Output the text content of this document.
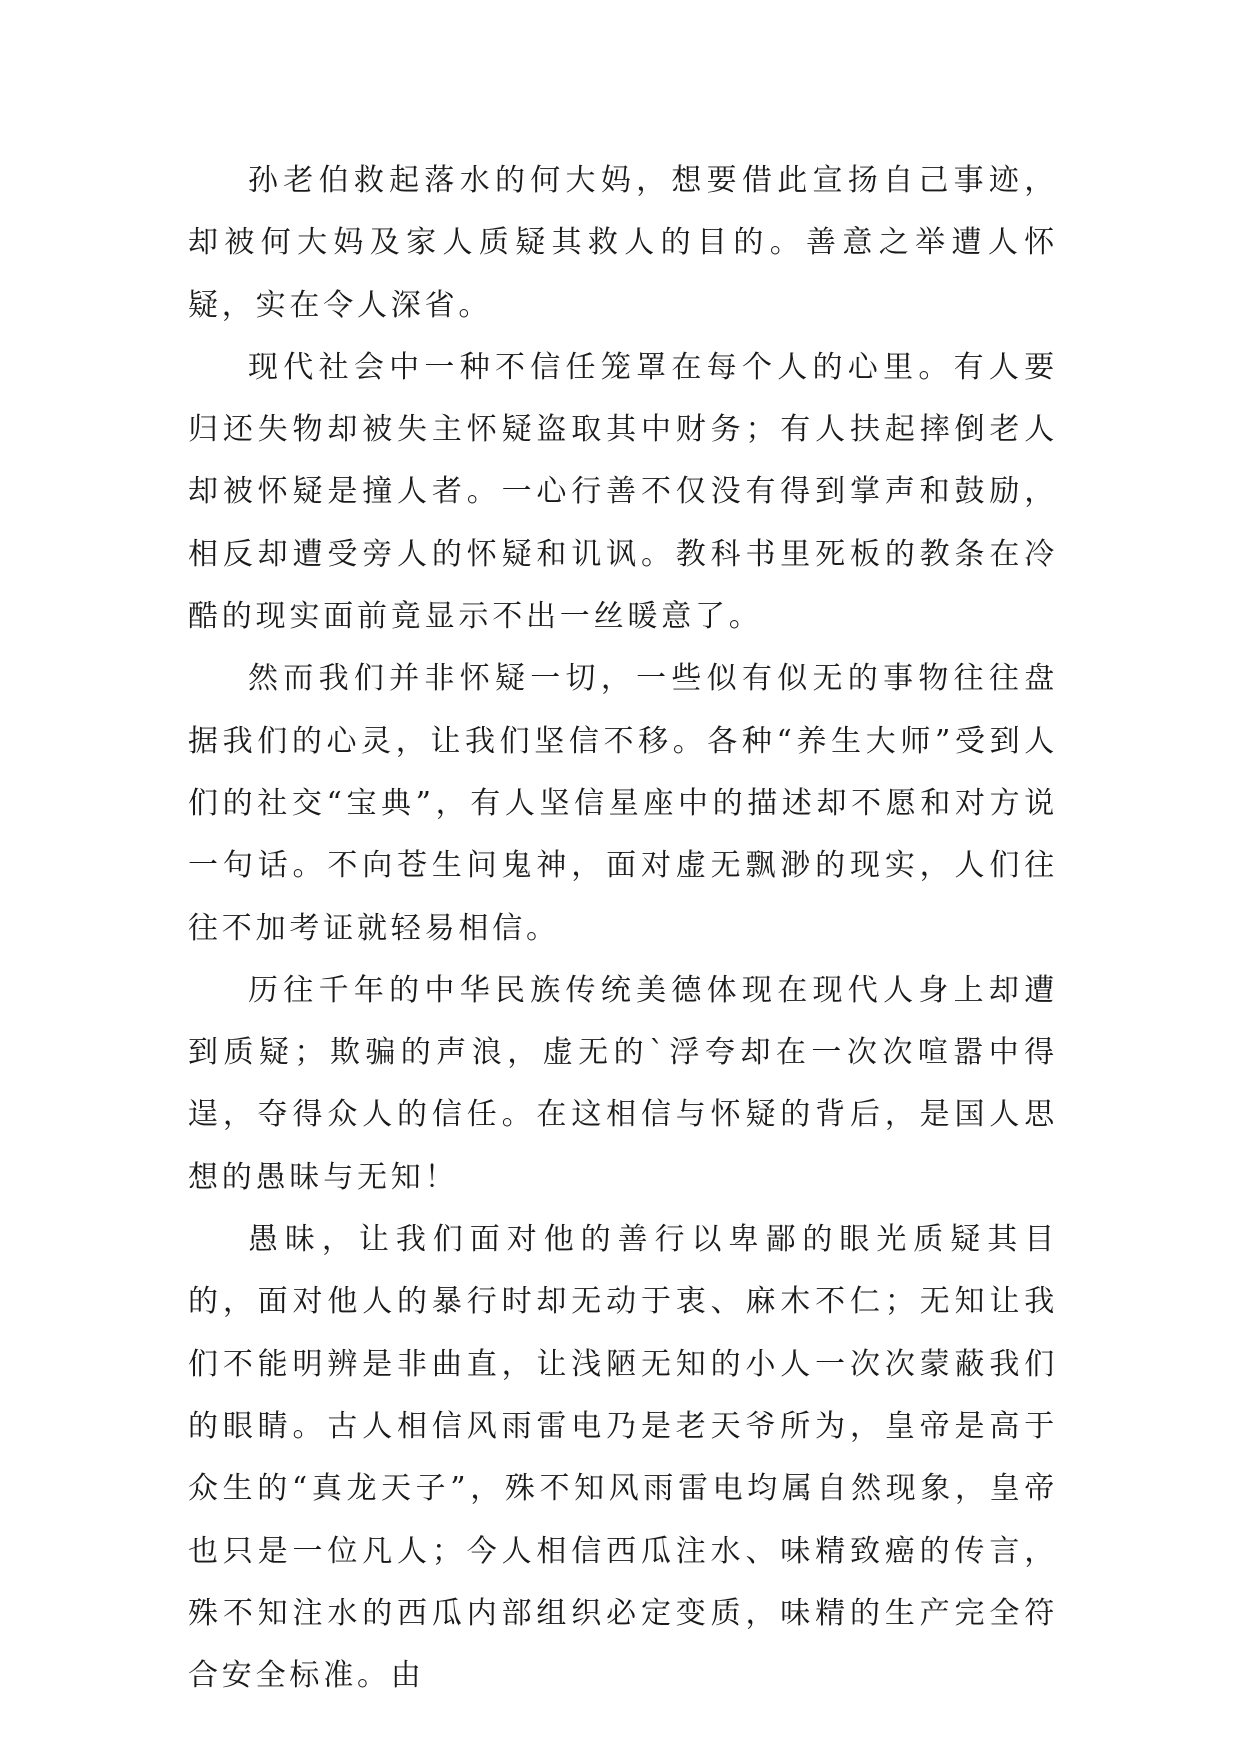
孙老伯救起落水的何大妈，想要借此宣扬自己事迹，却被何大妈及家人质疑其救人的目的。善意之举遭人怀疑，实在令人深省。

现代社会中一种不信任笼罩在每个人的心里。有人要归还失物却被失主怀疑盗取其中财务；有人扶起摔倒老人却被怀疑是撞人者。一心行善不仅没有得到掌声和鼓励，相反却遭受旁人的怀疑和讥讽。教科书里死板的教条在冷酷的现实面前竟显示不出一丝暖意了。

然而我们并非怀疑一切，一些似有似无的事物往往盘据我们的心灵，让我们坚信不移。各种“养生大师”受到人们的社交“宝典”，有人坚信星座中的描述却不愿和对方说一句话。不向苍生问鬼神，面对虚无飘渺的现实，人们往往不加考证就轻易相信。

历往千年的中华民族传统美德体现在现代人身上却遭到质疑；欺骗的声浪，虚无的`浮夸却在一次次喧嚣中得逞，夺得众人的信任。在这相信与怀疑的背后，是国人思想的愚昧与无知！

愚昧，让我们面对他的善行以卑鄙的眼光质疑其目的，面对他人的暴行时却无动于衷、麻木不仁；无知让我们不能明辨是非曲直，让浅陋无知的小人一次次蒙蔽我们的眼睛。古人相信风雨雷电乃是老天爷所为，皇帝是高于众生的“真龙天子”，殊不知风雨雷电均属自然现象，皇帝也只是一位凡人；今人相信西瓜注水、味精致癌的传言，殊不知注水的西瓜内部组织必定变质，味精的生产完全符合安全标准。由
